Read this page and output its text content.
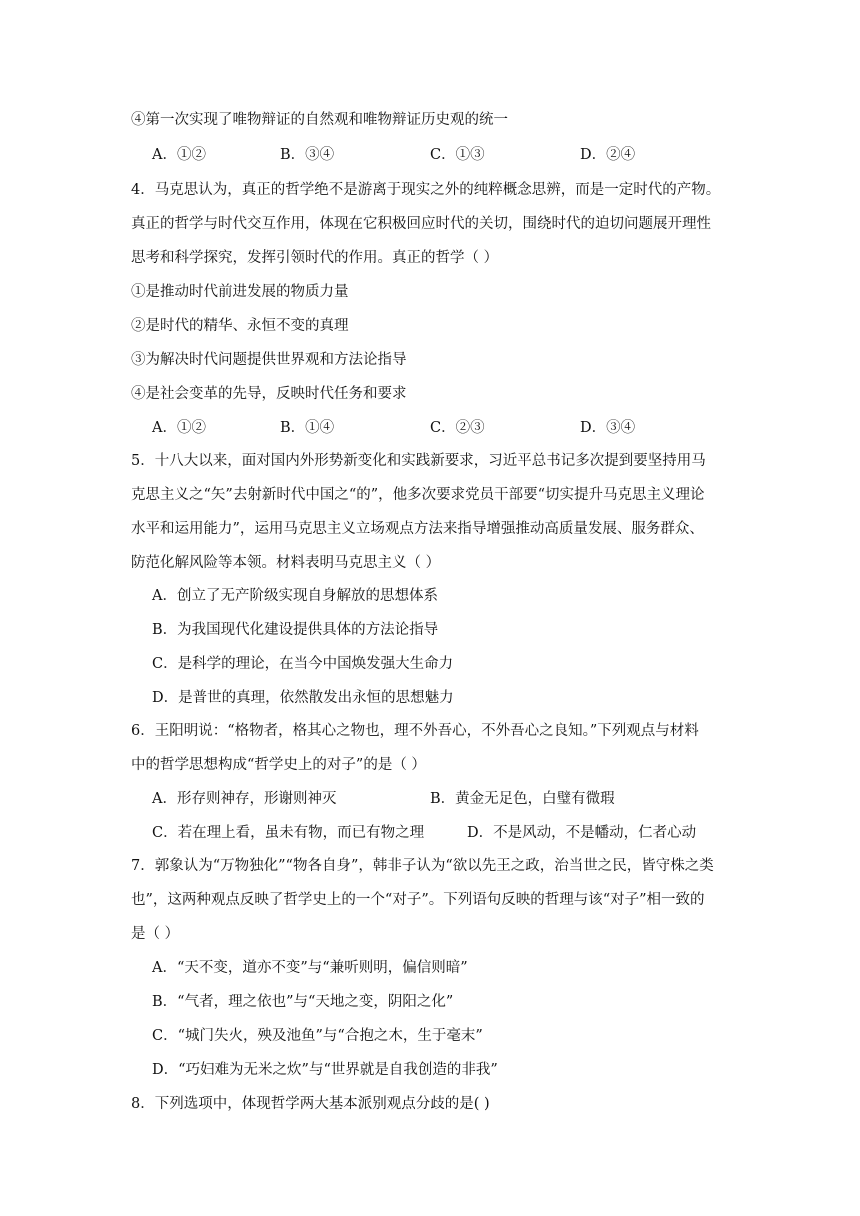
④第一次实现了唯物辩证的自然观和唯物辩证历史观的统一
A．①②	B．③④	C．①③	D．②④
4．马克思认为，真正的哲学绝不是游离于现实之外的纯粹概念思辨，而是一定时代的产物。
真正的哲学与时代交互作用，体现在它积极回应时代的关切，围绕时代的迫切问题展开理性
思考和科学探究，发挥引领时代的作用。真正的哲学（ ）
①是推动时代前进发展的物质力量
②是时代的精华、永恒不变的真理
③为解决时代问题提供世界观和方法论指导
④是社会变革的先导，反映时代任务和要求
A．①②	B．①④	C．②③	D．③④
5．十八大以来，面对国内外形势新变化和实践新要求，习近平总书记多次提到要坚持用马
克思主义之“矢”去射新时代中国之“的”，他多次要求党员干部要“切实提升马克思主义理论
水平和运用能力”，运用马克思主义立场观点方法来指导增强推动高质量发展、服务群众、
防范化解风险等本领。材料表明马克思主义（ ）
A．创立了无产阶级实现自身解放的思想体系
B．为我国现代化建设提供具体的方法论指导
C．是科学的理论，在当今中国焕发强大生命力
D．是普世的真理，依然散发出永恒的思想魅力
6．王阳明说：“格物者，格其心之物也，理不外吾心，不外吾心之良知。”下列观点与材料
中的哲学思想构成“哲学史上的对子”的是（ ）
A．形存则神存，形谢则神灭	B．黄金无足色，白璧有微瑕
C．若在理上看，虽未有物，而已有物之理	D．不是风动，不是幡动，仁者心动
7．郭象认为“万物独化”“物各自身”，韩非子认为“欲以先王之政，治当世之民，皆守株之类
也”，这两种观点反映了哲学史上的一个“对子”。下列语句反映的哲理与该“对子”相一致的
是（ ）
A．“天不变，道亦不变”与“兼听则明，偏信则暗”
B．“气者，理之依也”与“天地之变，阴阳之化”
C．“城门失火，殃及池鱼”与“合抱之木，生于毫末”
D．“巧妇难为无米之炊”与“世界就是自我创造的非我”
8．下列选项中，体现哲学两大基本派别观点分歧的是( )
